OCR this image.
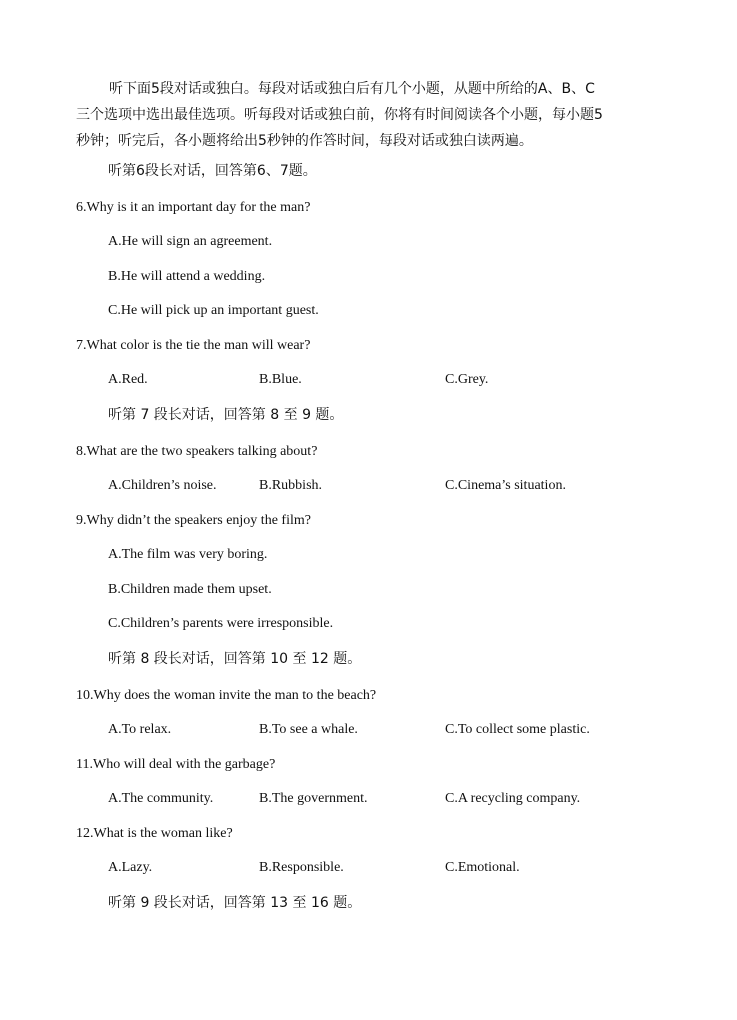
听下面5段对话或独白。每段对话或独白后有几个小题，从题中所给的A、B、C
三个选项中选出最佳选项。听每段对话或独白前，你将有时间阅读各个小题，每小题5
秒钟；听完后，各小题将给出5秒钟的作答时间，每段对话或独白读两遍。
听第6段长对话，回答第6、7题。
6.Why is it an important day for the man?
A.He will sign an agreement.
B.He will attend a wedding.
C.He will pick up an important guest.
7.What color is the tie the man will wear?
A.Red.	B.Blue.	C.Grey.
听第 7 段长对话，回答第 8 至 9 题。
8.What are the two speakers talking about?
A.Children’s noise.	B.Rubbish.	C.Cinema’s situation.
9.Why didn’t the speakers enjoy the film?
A.The film was very boring.
B.Children made them upset.
C.Children’s parents were irresponsible.
听第 8 段长对话，回答第 10 至 12 题。
10.Why does the woman invite the man to the beach?
A.To relax.	B.To see a whale.	C.To collect some plastic.
11.Who will deal with the garbage?
A.The community.	B.The government.	C.A recycling company.
12.What is the woman like?
A.Lazy.	B.Responsible.	C.Emotional.
听第 9 段长对话，回答第 13 至 16 题。
